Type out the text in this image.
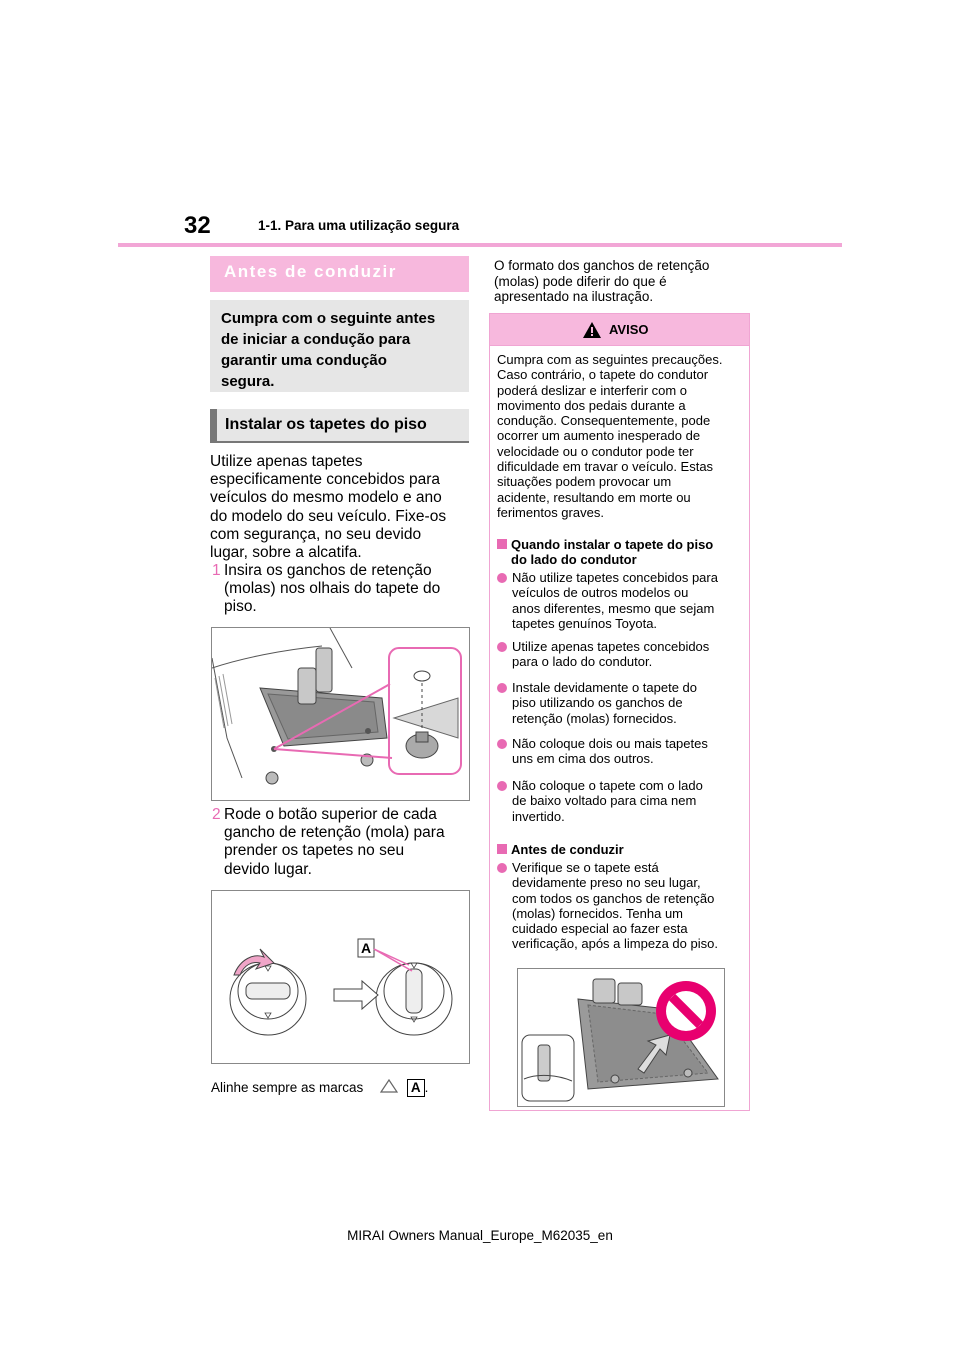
32	1-1. Para uma utilização segura
Antes de conduzir
Cumpra com o seguinte antes
de iniciar a condução para
garantir uma condução
segura.
Instalar os tapetes do piso
Utilize apenas tapetes
especificamente concebidos para
veículos do mesmo modelo e ano
do modelo do seu veículo. Fixe-os
com segurança, no seu devido
lugar, sobre a alcatifa.
1 Insira os ganchos de retenção
(molas) nos olhais do tapete do
piso.
2 Rode o botão superior de cada
gancho de retenção (mola) para
prender os tapetes no seu
devido lugar.
A
Alinhe sempre as marcas	A .
O formato dos ganchos de retenção
(molas) pode diferir do que é
apresentado na ilustração.
AVISO
Cumpra com as seguintes precauções.
Caso contrário, o tapete do condutor
poderá deslizar e interferir com o
movimento dos pedais durante a
condução. Consequentemente, pode
ocorrer um aumento inesperado de
velocidade ou o condutor pode ter
dificuldade em travar o veículo. Estas
situações podem provocar um
acidente, resultando em morte ou
ferimentos graves.
Quando instalar o tapete do piso
do lado do condutor
Não utilize tapetes concebidos para
veículos de outros modelos ou
anos diferentes, mesmo que sejam
tapetes genuínos Toyota.
Utilize apenas tapetes concebidos
para o lado do condutor.
Instale devidamente o tapete do
piso utilizando os ganchos de
retenção (molas) fornecidos.
Não coloque dois ou mais tapetes
uns em cima dos outros.
Não coloque o tapete com o lado
de baixo voltado para cima nem
invertido.
Antes de conduzir
Verifique se o tapete está
devidamente preso no seu lugar,
com todos os ganchos de retenção
(molas) fornecidos. Tenha um
cuidado especial ao fazer esta
verificação, após a limpeza do piso.
MIRAI Owners Manual_Europe_M62035_en
